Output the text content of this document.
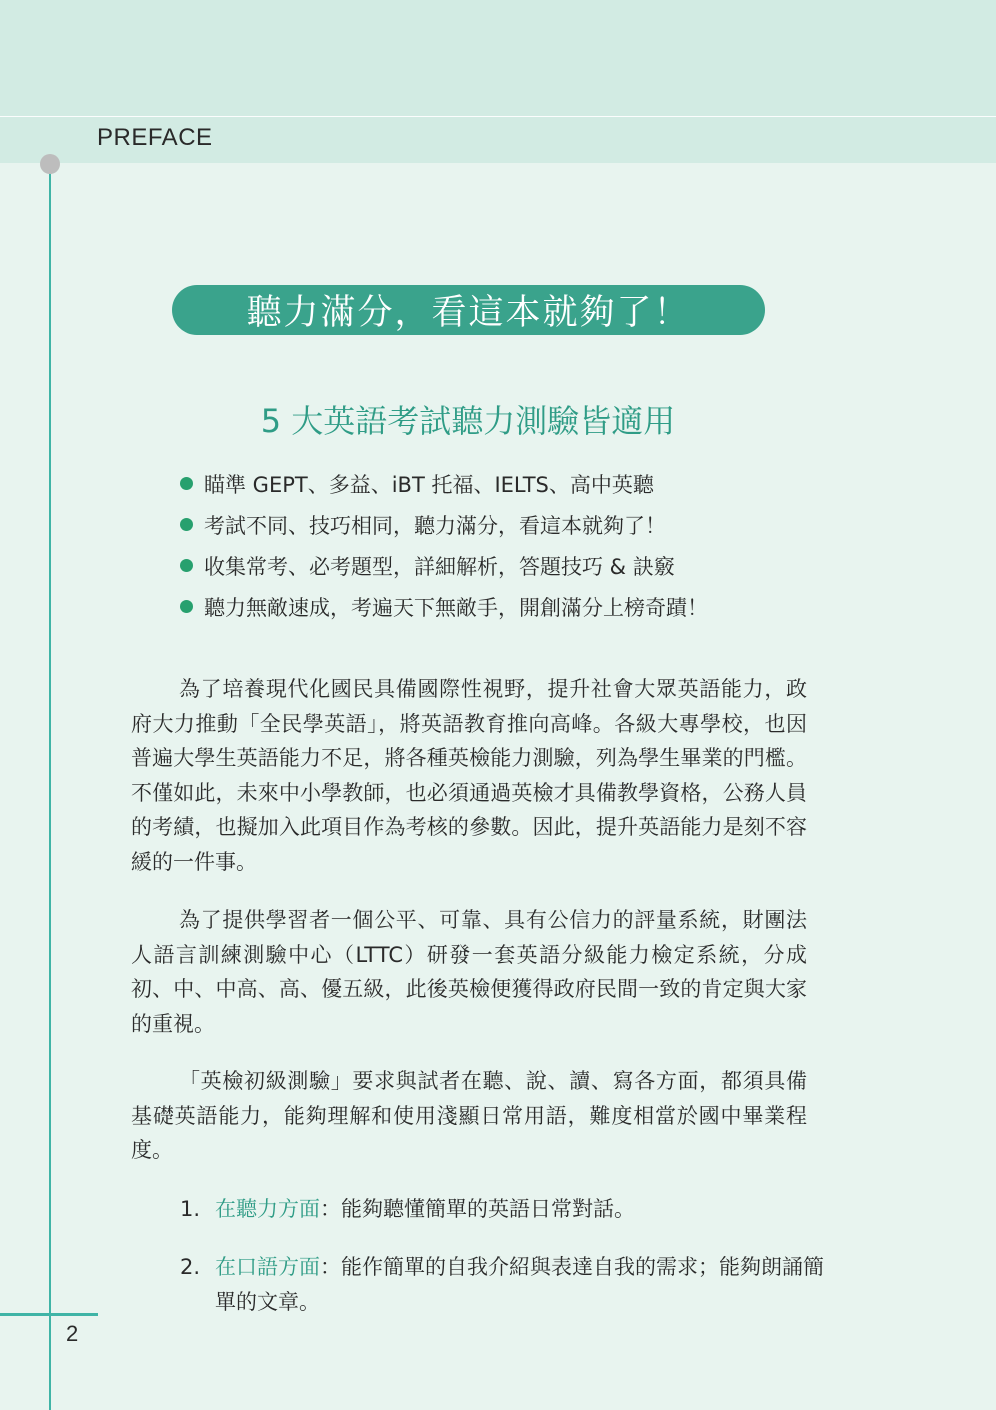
PREFACE
聽力滿分，看這本就夠了！
5 大英語考試聽力測驗皆適用
瞄準 GEPT、多益、iBT 托福、IELTS、高中英聽
考試不同、技巧相同，聽力滿分，看這本就夠了！
收集常考、必考題型，詳細解析，答題技巧 & 訣竅
聽力無敵速成，考遍天下無敵手，開創滿分上榜奇蹟！

為了培養現代化國民具備國際性視野，提升社會大眾英語能力，政府大力推動「全民學英語」，將英語教育推向高峰。各級大專學校，也因普遍大學生英語能力不足，將各種英檢能力測驗，列為學生畢業的門檻。不僅如此，未來中小學教師，也必須通過英檢才具備教學資格，公務人員的考績，也擬加入此項目作為考核的參數。因此，提升英語能力是刻不容緩的一件事。

為了提供學習者一個公平、可靠、具有公信力的評量系統，財團法人語言訓練測驗中心（LTTC）研發一套英語分級能力檢定系統，分成初、中、中高、高、優五級，此後英檢便獲得政府民間一致的肯定與大家的重視。

「英檢初級測驗」要求與試者在聽、說、讀、寫各方面，都須具備基礎英語能力，能夠理解和使用淺顯日常用語，難度相當於國中畢業程度。

1. 在聽力方面：能夠聽懂簡單的英語日常對話。

2. 在口語方面：能作簡單的自我介紹與表達自我的需求；能夠朗誦簡單的文章。

2
